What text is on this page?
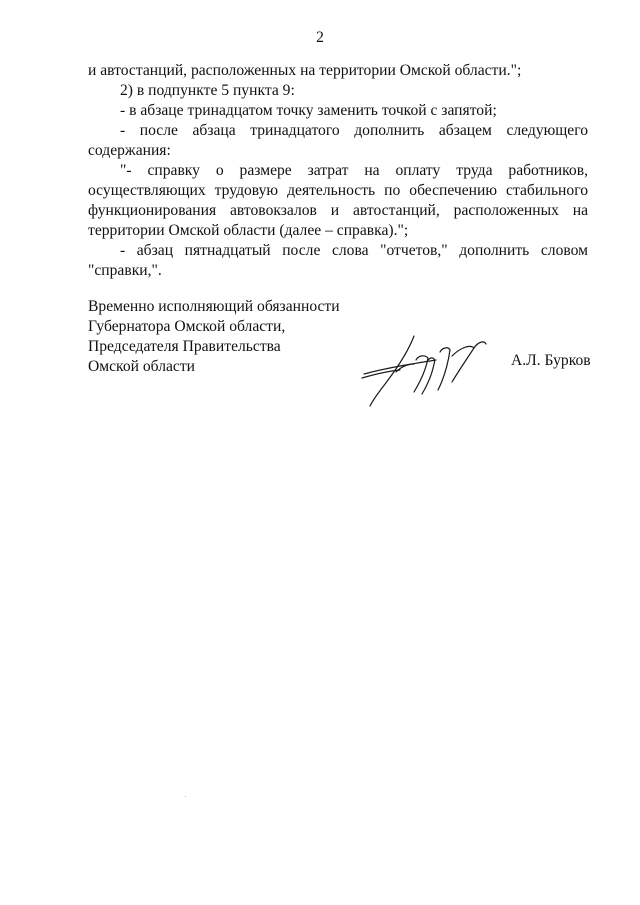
2
и автостанций, расположенных на территории Омской области.";
2) в подпункте 5 пункта 9:
- в абзаце тринадцатом точку заменить точкой с запятой;
- после абзаца тринадцатого дополнить абзацем следующего
содержания:
"- справку о размере затрат на оплату труда работников,
осуществляющих трудовую деятельность по обеспечению стабильного
функционирования автовокзалов и автостанций, расположенных на
территории Омской области (далее – справка).";
- абзац пятнадцатый после слова "отчетов," дополнить словом
"справки,".
Временно исполняющий обязанности
Губернатора Омской области,
Председателя Правительства
Омской области	А.Л. Бурков
